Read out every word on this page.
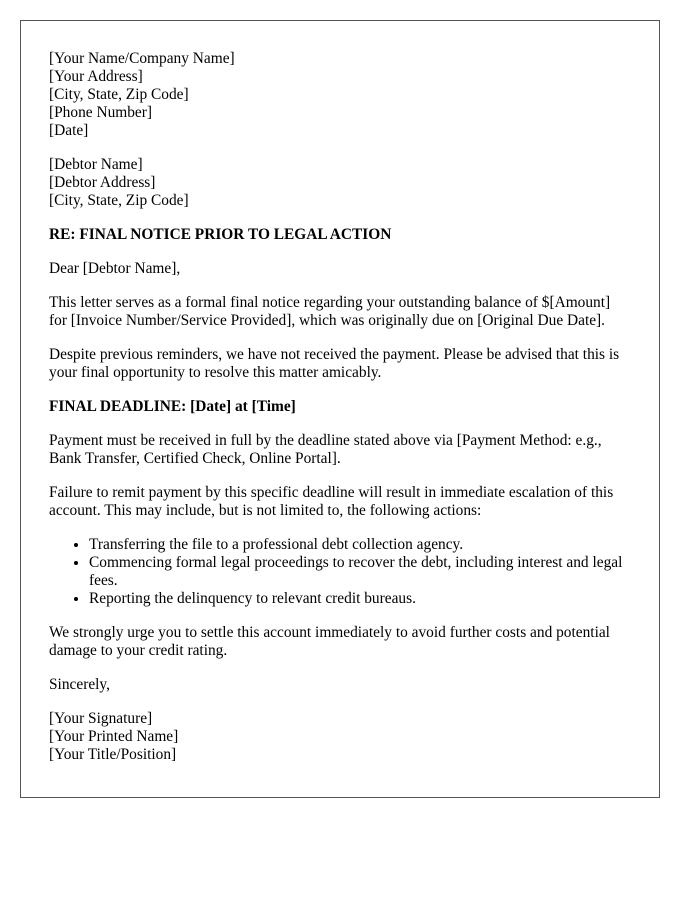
[Your Name/Company Name]
[Your Address]
[City, State, Zip Code]
[Phone Number]
[Date]
[Debtor Name]
[Debtor Address]
[City, State, Zip Code]
RE: FINAL NOTICE PRIOR TO LEGAL ACTION

Dear [Debtor Name],

This letter serves as a formal final notice regarding your outstanding balance of $[Amount] for [Invoice Number/Service Provided], which was originally due on [Original Due Date].

Despite previous reminders, we have not received the payment. Please be advised that this is your final opportunity to resolve this matter amicably.

FINAL DEADLINE: [Date] at [Time]

Payment must be received in full by the deadline stated above via [Payment Method: e.g., Bank Transfer, Certified Check, Online Portal].

Failure to remit payment by this specific deadline will result in immediate escalation of this account. This may include, but is not limited to, the following actions:

• Transferring the file to a professional debt collection agency.
• Commencing formal legal proceedings to recover the debt, including interest and legal fees.
• Reporting the delinquency to relevant credit bureaus.

We strongly urge you to settle this account immediately to avoid further costs and potential damage to your credit rating.

Sincerely,

[Your Signature]
[Your Printed Name]
[Your Title/Position]
